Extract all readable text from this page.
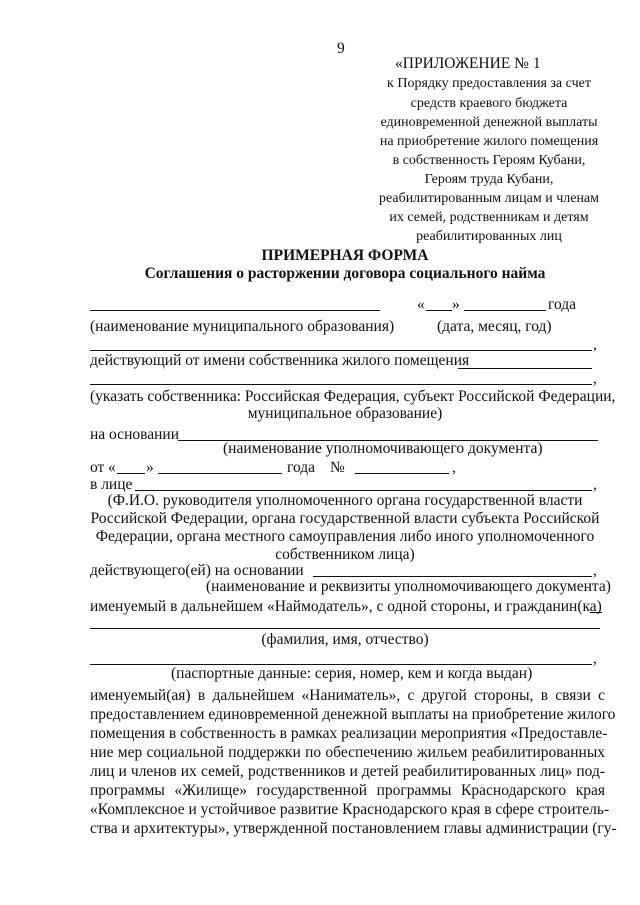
9
«ПРИЛОЖЕНИЕ № 1
к Порядку предоставления за счет
средств краевого бюджета
единовременной денежной выплаты
на приобретение жилого помещения
в собственность Героям Кубани,
Героям труда Кубани,
реабилитированным лицам и членам
их семей, родственникам и детям
реабилитированных лиц
ПРИМЕРНАЯ ФОРМА
Соглашения о расторжении договора социального найма
« »	года
(наименование муниципального образования)	(дата, месяц, год)
,
действующий от имени собственника жилого помещения
,
(указать собственника: Российская Федерация, субъект Российской Федерации,
муниципальное образование)
на основании
(наименование уполномочивающего документа)
от « »	года №	,
в лице	,
(Ф.И.О. руководителя уполномоченного органа государственной власти
Российской Федерации, органа государственной власти субъекта Российской
Федерации, органа местного самоуправления либо иного уполномоченного
собственником лица)
действующего(ей) на основании	,
(наименование и реквизиты уполномочивающего документа)
именуемый в дальнейшем «Наймодатель», с одной стороны, и гражданин(ка)
(фамилия, имя, отчество)
,
(паспортные данные: серия, номер, кем и когда выдан)
именуемый(ая) в дальнейшем «Наниматель», с другой стороны, в связи с
предоставлением единовременной денежной выплаты на приобретение жилого
помещения в собственность в рамках реализации мероприятия «Предоставле-
ние мер социальной поддержки по обеспечению жильем реабилитированных
лиц и членов их семей, родственников и детей реабилитированных лиц» под-
программы «Жилище» государственной программы Краснодарского края
«Комплексное и устойчивое развитие Краснодарского края в сфере строитель-
ства и архитектуры», утвержденной постановлением главы администрации (гу-
